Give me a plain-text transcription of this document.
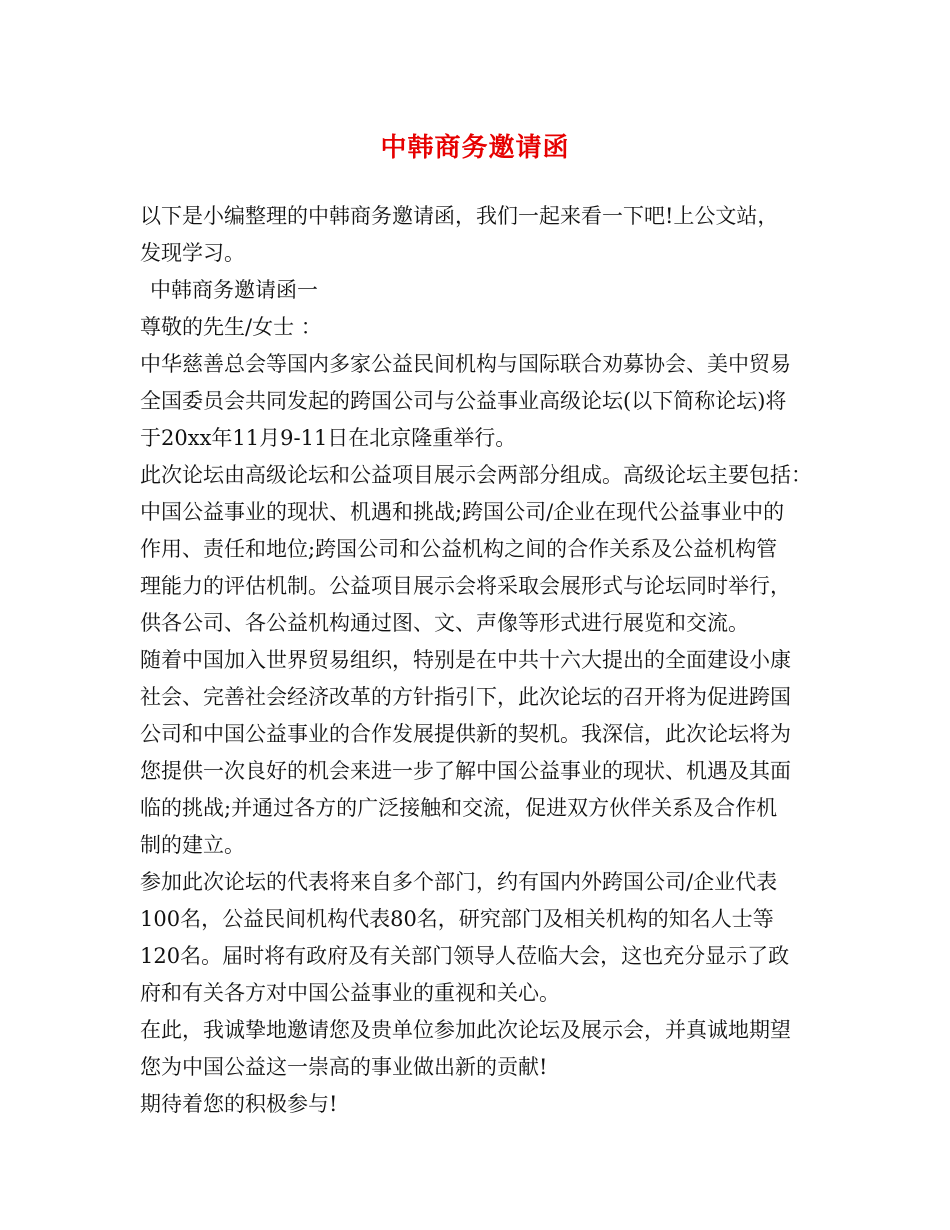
中韩商务邀请函
以下是小编整理的中韩商务邀请函，我们一起来看一下吧!上公文站，
发现学习。
中韩商务邀请函一
尊敬的先生/女士 ：
中华慈善总会等国内多家公益民间机构与国际联合劝募协会、美中贸易
全国委员会共同发起的跨国公司与公益事业高级论坛(以下简称论坛)将
于20xx年11月9-11日在北京隆重举行。
此次论坛由高级论坛和公益项目展示会两部分组成。高级论坛主要包括：
中国公益事业的现状、机遇和挑战;跨国公司/企业在现代公益事业中的
作用、责任和地位;跨国公司和公益机构之间的合作关系及公益机构管
理能力的评估机制。公益项目展示会将采取会展形式与论坛同时举行，
供各公司、各公益机构通过图、文、声像等形式进行展览和交流。
随着中国加入世界贸易组织，特别是在中共十六大提出的全面建设小康
社会、完善社会经济改革的方针指引下，此次论坛的召开将为促进跨国
公司和中国公益事业的合作发展提供新的契机。我深信，此次论坛将为
您提供一次良好的机会来进一步了解中国公益事业的现状、机遇及其面
临的挑战;并通过各方的广泛接触和交流，促进双方伙伴关系及合作机
制的建立。
参加此次论坛的代表将来自多个部门，约有国内外跨国公司/企业代表
100名，公益民间机构代表80名，研究部门及相关机构的知名人士等
120名。届时将有政府及有关部门领导人莅临大会，这也充分显示了政
府和有关各方对中国公益事业的重视和关心。
在此，我诚挚地邀请您及贵单位参加此次论坛及展示会，并真诚地期望
您为中国公益这一崇高的事业做出新的贡献!
期待着您的积极参与!
